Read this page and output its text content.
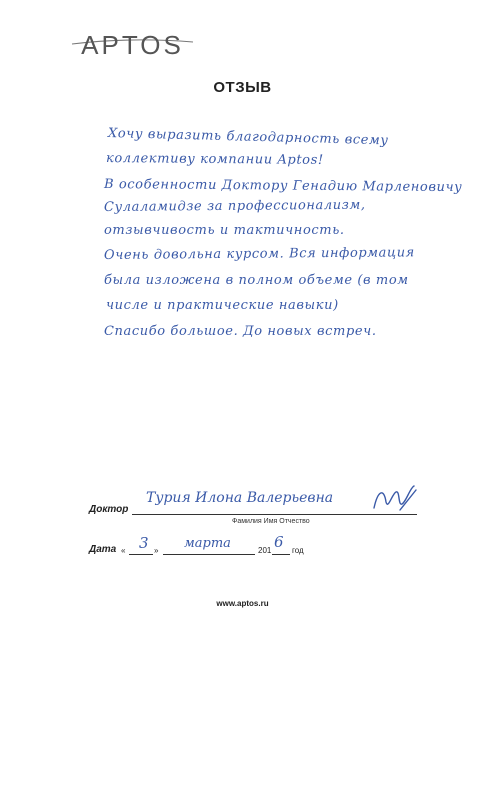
APTOS
ОТЗЫВ
Хочу выразить благодарность всему
коллективу компании Aptos!
В особенности Доктору Генадию Марленовичу
Сулаламидзе за профессионализм,
отзывчивость и тактичность.
Очень довольна курсом. Вся информация
была изложена в полном объеме (в том
числе и практические навыки)
Спасибо большое. До новых встреч.
Доктор
Турия Илона Валерьевна
Фамилия Имя Отчество
Дата « 3 » марта	201 6 год
www.aptos.ru
